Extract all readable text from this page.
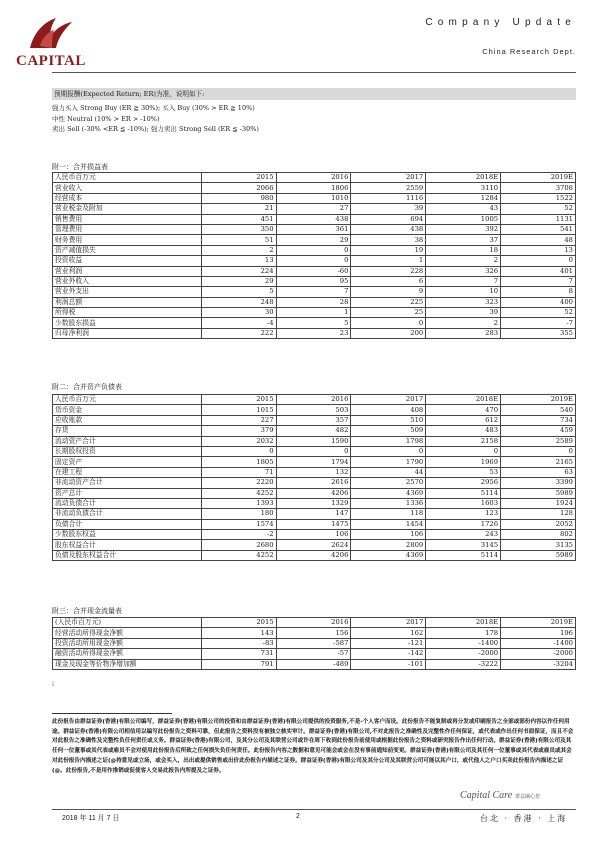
CAPITAL
Company Update
China Research Dept.
预期报酬(Expected Return; ER)为准，说明如下:
强力买入 Strong Buy (ER ≧ 30%); 买入 Buy (30% > ER ≧ 10%)
中性 Neutral (10% > ER > -10%)
卖出 Sell (-30% <ER ≦ -10%); 强力卖出 Strong Sell (ER ≦ -30%)
附一：合并损益表
人民币百万元	2015	2016	2017	2018E	2019E
营业收入	2066	1806	2559	3110	3708
经营成本	980	1010	1116	1284	1522
营业税金及附加	21	27	39	43	52
销售费用	451	438	694	1005	1131
管理费用	350	361	438	392	541
财务费用	51	29	38	37	48
资产减值损失	2	0	19	18	13
投资收益	13	0	1	2	0
营业利润	224	-60	228	326	401
营业外收入	29	95	6	7	7
营业外支出	5	7	9	10	8
利润总额	248	28	225	323	400
所得税	30	1	25	39	52
少数股东损益	-4	5	0	2	-7
归母净利润	222	23	200	283	355
附二：合并资产负债表
人民币百万元	2015	2016	2017	2018E	2019E
货币资金	1015	503	408	470	540
应收账款	227	357	510	612	734
存货	379	482	509	483	459
流动资产合计	2032	1590	1798	2158	2589
长期股权投资	0	0	0	0	0
固定资产	1805	1794	1790	1969	2165
在建工程	71	132	44	53	63
非流动资产合计	2220	2616	2570	2956	3399
资产总计	4252	4206	4369	5114	5989
流动负债合计	1393	1329	1336	1603	1924
非流动负债合计	180	147	118	123	128
负债合计	1574	1475	1454	1726	2052
少数股东权益	-2	106	106	243	802
股东权益合计	2680	2624	2809	3145	3135
负债及股东权益合计	4252	4206	4369	5114	5989
附三：合并现金流量表
(人民币百万元)	2015	2016	2017	2018E	2019E
经营活动所得现金净额	143	156	162	178	196
投资活动所用现金净额	-83	-587	-121	-1400	-1400
融资活动所得现金净额	731	-57	-142	-2000	-2000
现金及现金等价物净增加额	791	-489	-101	-3222	-3204
i
此份报告由群益证券(香港)有限公司编写，群益证券(香港)有限公司的投资和由群益证券(香港)有限公司提供的投资服务,不是-个人客户而设。此份报告不能复制或再分发或印刷报告之全部或部份内容以作任何用途。群益证券(香港)有限公司相信用以编写此份报告之资料可靠，但此报告之资料没有被独立核实审计。群益证券(香港)有限公司,不对此报告之准确性及完整性作任何保证，或代表或作出任何书面保证，而且不会对此报告之准确性及完整性负任何责任或义务。群益证券(香港)有限公司，及其分公司及其联营公司或许在周下收到此份报告前使用或根据此份报告之资料或研究报告作出任何行动。群益证券(香港)有限公司及其任何一位董事或其代表或雇员不会对使用此份报告后所致之任何损失负任何责任。此份报告内容之数据和意见可能会或会在没有事前通知前变更。群益证券(香港)有限公司及其任何一位董事或其代表或雇员或其会对此份报告内描述之证(@持意见或立场，或会买入，出出或提供销售或出价此份报告内描述之证券。群益证券(香港)有限公司及其分公司及其联营公司可能以其户口，或代他人之户口买卖此份报告内描述之证(@。此份报告,不是用作推销或促使客人交易此报告内所提及之证券。
Capital Care 群益關心您
2018 年 11 月 7 日	2	台北 · 香港 · 上海
